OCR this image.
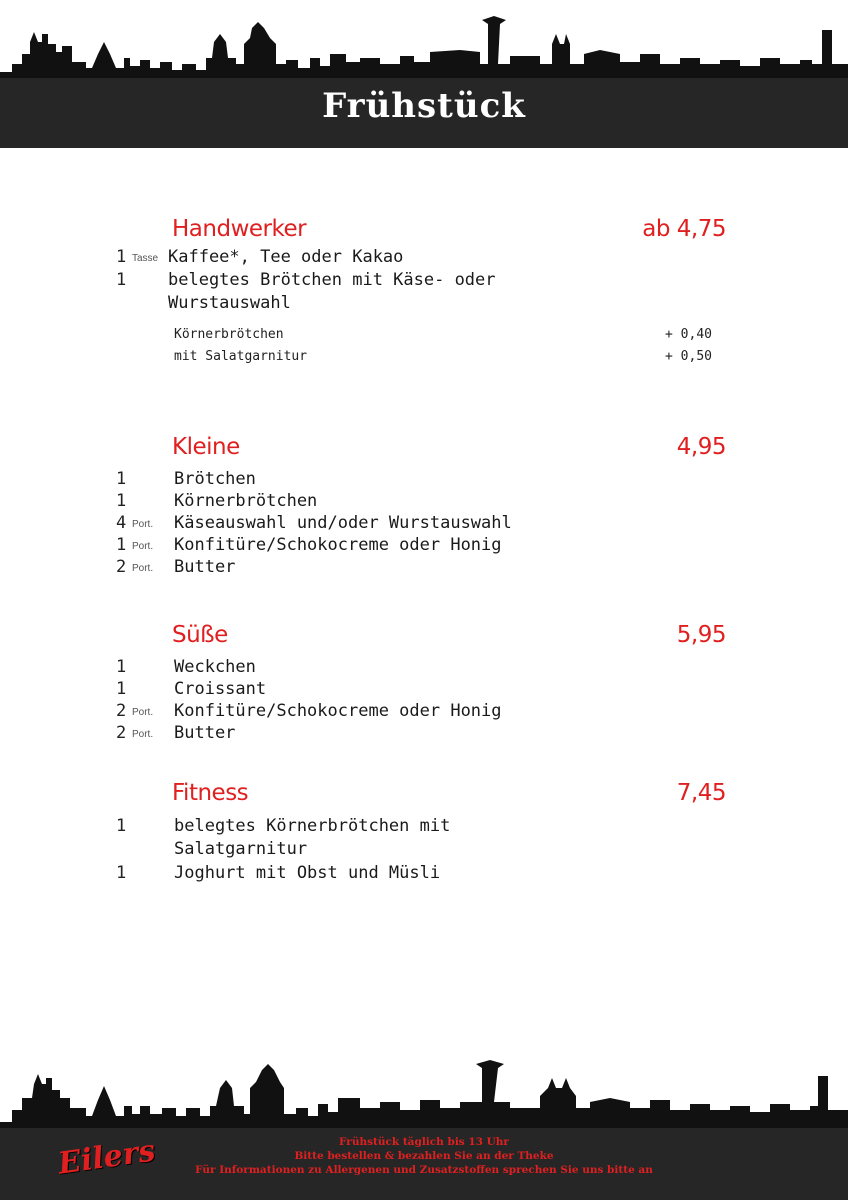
Frühstück
Handwerker	ab 4,75
1 Tasse Kaffee*, Tee oder Kakao
1 belegtes Brötchen mit Käse- oder
Wurstauswahl
Körnerbrötchen	+ 0,40
mit Salatgarnitur	+ 0,50
Kleine	4,95
1	Brötchen
1	Körnerbrötchen
4 Port. Käseauswahl und/oder Wurstauswahl
1 Port. Konfitüre/Schokocreme oder Honig
2 Port. Butter
Süße	5,95
1	Weckchen
1	Croissant
2 Port. Konfitüre/Schokocreme oder Honig
2 Port. Butter
Fitness	7,45
1	belegtes Körnerbrötchen mit
Salatgarnitur
1	Joghurt mit Obst und Müsli
Eilers	Frühstück täglich bis 13 Uhr
Bitte bestellen & bezahlen Sie an der Theke
Für Informationen zu Allergenen und Zusatzstoffen sprechen Sie uns bitte an
